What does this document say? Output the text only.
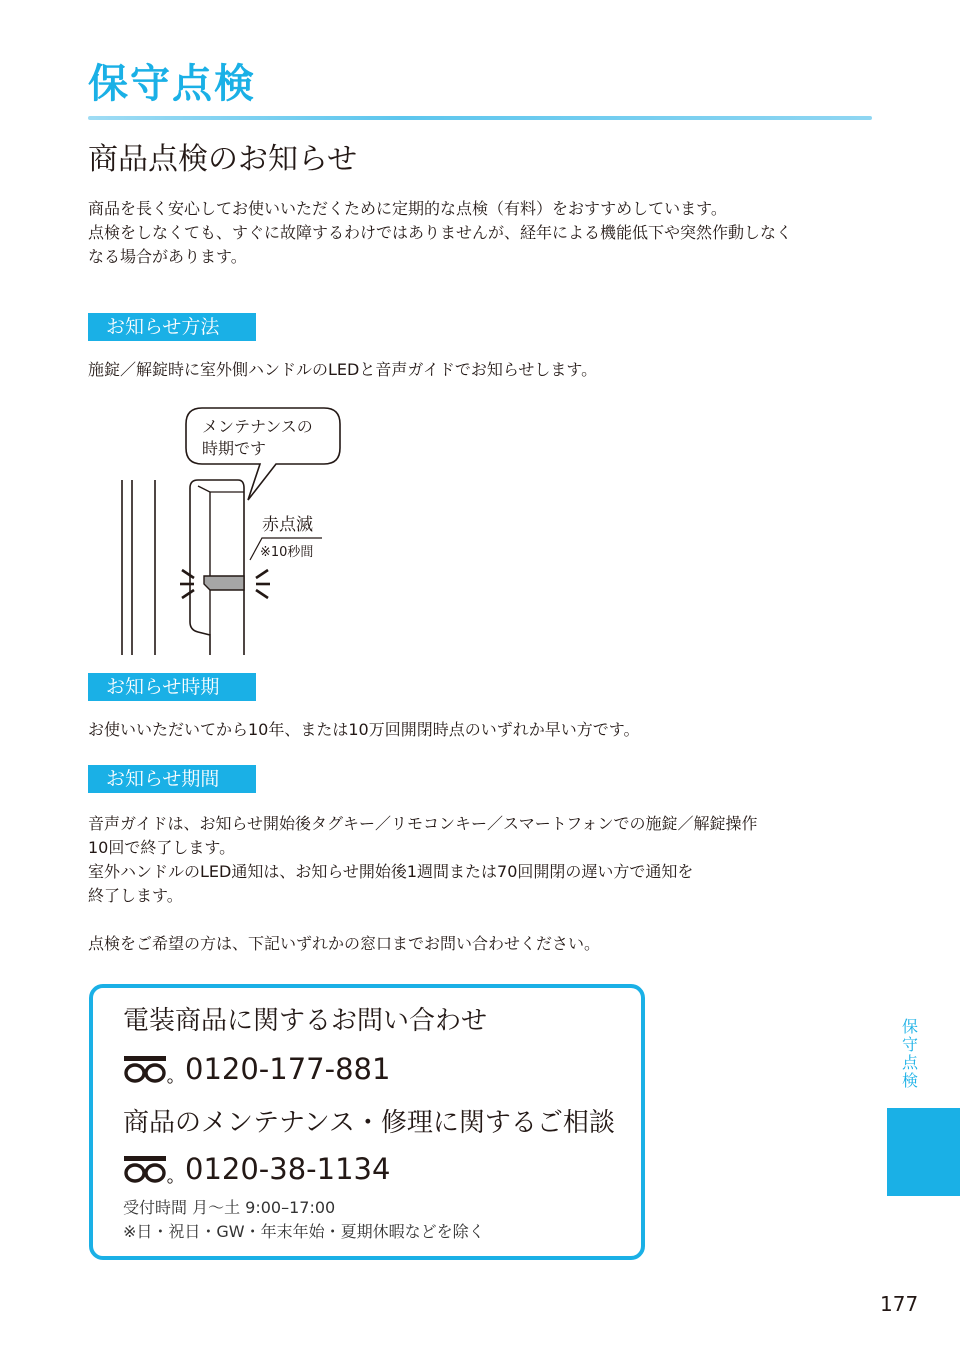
保守点検
商品点検のお知らせ

商品を長く安心してお使いいただくために定期的な点検（有料）をおすすめしています。

点検をしなくても、すぐに故障するわけではありませんが、経年による機能低下や突然作動しなく

なる場合があります。

お知らせ方法

施錠／解錠時に室外側ハンドルのLEDと音声ガイドでお知らせします。

赤点滅
※10秒間
メンテナンスの
時期です
お知らせ時期

お使いいただいてから10年、または10万回開閉時点のいずれか早い方です。

お知らせ期間

音声ガイドは、お知らせ開始後タグキー／リモコンキー／スマートフォンでの施錠／解錠操作

10回で終了します。

室外ハンドルのLED通知は、お知らせ開始後1週間または70回開閉の遅い方で通知を

終了します。

点検をご希望の方は、下記いずれかの窓口までお問い合わせください。

電装商品に関するお問い合わせ
0120-177-881
商品のメンテナンス・修理に関するご相談
0120-38-1134
受付時間 月～土 9:00–17:00
※日・祝日・GW・年末年始・夏期休暇などを除く
保守点検
177
